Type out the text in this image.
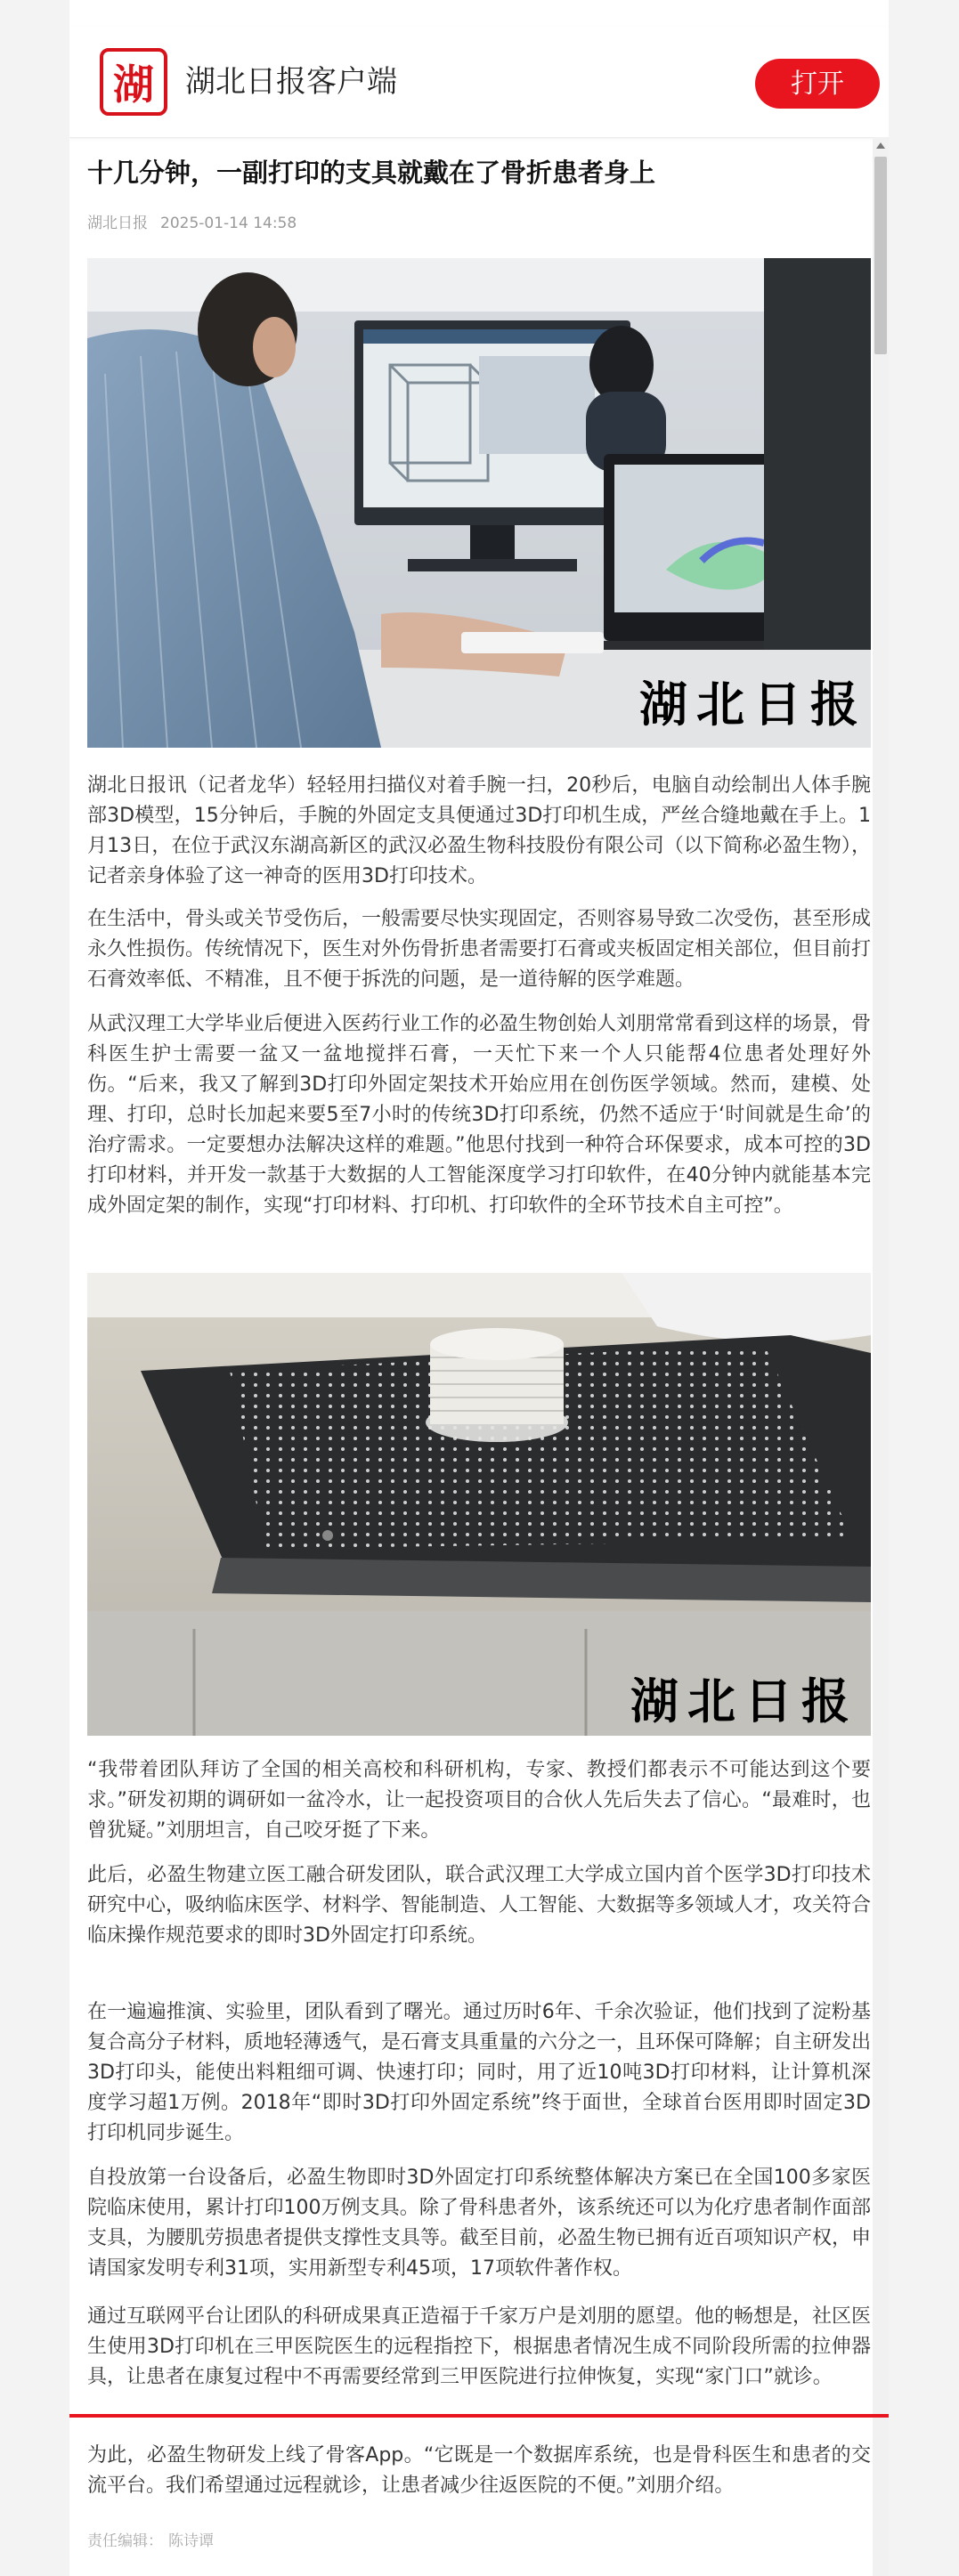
湖 湖北日报客户端	打开
十几分钟，一副打印的支具就戴在了骨折患者身上
湖北日报 2025-01-14 14:58
湖北日报

湖北日报讯（记者龙华）轻轻用扫描仪对着手腕一扫，20秒后，电脑自动绘制出人体手腕部3D模型，15分钟后，手腕的外固定支具便通过3D打印机生成，严丝合缝地戴在手上。1月13日，在位于武汉东湖高新区的武汉必盈生物科技股份有限公司（以下简称必盈生物），记者亲身体验了这一神奇的医用3D打印技术。

在生活中，骨头或关节受伤后，一般需要尽快实现固定，否则容易导致二次受伤，甚至形成永久性损伤。传统情况下，医生对外伤骨折患者需要打石膏或夹板固定相关部位，但目前打石膏效率低、不精准，且不便于拆洗的问题，是一道待解的医学难题。

从武汉理工大学毕业后便进入医药行业工作的必盈生物创始人刘朋常常看到这样的场景，骨科医生护士需要一盆又一盆地搅拌石膏，一天忙下来一个人只能帮4位患者处理好外伤。“后来，我又了解到3D打印外固定架技术开始应用在创伤医学领域。然而，建模、处理、打印，总时长加起来要5至7小时的传统3D打印系统，仍然不适应于‘时间就是生命’的治疗需求。一定要想办法解决这样的难题。”他思付找到一种符合环保要求，成本可控的3D打印材料，并开发一款基于大数据的人工智能深度学习打印软件，在40分钟内就能基本完成外固定架的制作，实现“打印材料、打印机、打印软件的全环节技术自主可控”。

湖北日报

“我带着团队拜访了全国的相关高校和科研机构，专家、教授们都表示不可能达到这个要求。”研发初期的调研如一盆冷水，让一起投资项目的合伙人先后失去了信心。“最难时，也曾犹疑。”刘朋坦言，自己咬牙挺了下来。

此后，必盈生物建立医工融合研发团队，联合武汉理工大学成立国内首个医学3D打印技术研究中心，吸纳临床医学、材料学、智能制造、人工智能、大数据等多领域人才，攻关符合临床操作规范要求的即时3D外固定打印系统。

在一遍遍推演、实验里，团队看到了曙光。通过历时6年、千余次验证，他们找到了淀粉基复合高分子材料，质地轻薄透气，是石膏支具重量的六分之一，且环保可降解；自主研发出3D打印头，能使出料粗细可调、快速打印；同时，用了近10吨3D打印材料，让计算机深度学习超1万例。2018年“即时3D打印外固定系统”终于面世，全球首台医用即时固定3D打印机同步诞生。

自投放第一台设备后，必盈生物即时3D外固定打印系统整体解决方案已在全国100多家医院临床使用，累计打印100万例支具。除了骨科患者外，该系统还可以为化疗患者制作面部支具，为腰肌劳损患者提供支撑性支具等。截至目前，必盈生物已拥有近百项知识产权，申请国家发明专利31项，实用新型专利45项，17项软件著作权。

通过互联网平台让团队的科研成果真正造福于千家万户是刘朋的愿望。他的畅想是，社区医生使用3D打印机在三甲医院医生的远程指控下，根据患者情况生成不同阶段所需的拉伸器具，让患者在康复过程中不再需要经常到三甲医院进行拉伸恢复，实现“家门口”就诊。

为此，必盈生物研发上线了骨客App。“它既是一个数据库系统，也是骨科医生和患者的交流平台。我们希望通过远程就诊，让患者减少往返医院的不便。”刘朋介绍。

责任编辑： 陈诗谭
